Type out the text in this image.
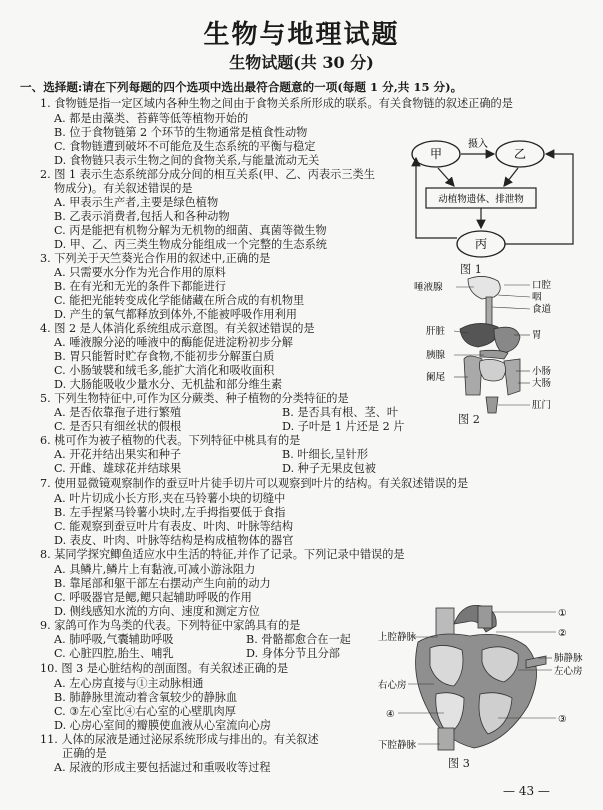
生物与地理试题
生物试题(共 30 分)
一、选择题:请在下列每题的四个选项中选出最符合题意的一项(每题 1 分,共 15 分)。
1. 食物链是指一定区域内各种生物之间由于食物关系所形成的联系。有关食物链的叙述正确的是
A. 都是由藻类、苔藓等低等植物开始的
B. 位于食物链第 2 个环节的生物通常是植食性动物
C. 食物链遭到破坏不可能危及生态系统的平衡与稳定
D. 食物链只表示生物之间的食物关系,与能量流动无关
2. 图 1 表示生态系统部分成分间的相互关系(甲、乙、丙表示三类生
物成分)。有关叙述错误的是
A. 甲表示生产者,主要是绿色植物
B. 乙表示消费者,包括人和各种动物
C. 丙是能把有机物分解为无机物的细菌、真菌等微生物
D. 甲、乙、丙三类生物成分能组成一个完整的生态系统
3. 下列关于天竺葵光合作用的叙述中,正确的是
A. 只需要水分作为光合作用的原料
B. 在有光和无光的条件下都能进行
C. 能把光能转变成化学能储藏在所合成的有机物里
D. 产生的氧气都释放到体外,不能被呼吸作用利用
4. 图 2 是人体消化系统组成示意图。有关叙述错误的是
A. 唾液腺分泌的唾液中的酶能促进淀粉初步分解
B. 胃只能暂时贮存食物,不能初步分解蛋白质
C. 小肠皱襞和绒毛多,能扩大消化和吸收面积
D. 大肠能吸收少量水分、无机盐和部分维生素
5. 下列生物特征中,可作为区分蕨类、种子植物的分类特征的是
A. 是否依靠孢子进行繁殖	B. 是否具有根、茎、叶
C. 是否只有细丝状的假根	D. 子叶是 1 片还是 2 片
6. 桃可作为被子植物的代表。下列特征中桃具有的是
A. 开花并结出果实和种子	B. 叶细长,呈针形
C. 开雌、雄球花并结球果	D. 种子无果皮包被
7. 使用显微镜观察制作的蚕豆叶片徒手切片可以观察到叶片的结构。有关叙述错误的是
A. 叶片切成小长方形,夹在马铃薯小块的切缝中
B. 左手捏紧马铃薯小块时,左手拇指要低于食指
C. 能观察到蚕豆叶片有表皮、叶肉、叶脉等结构
D. 表皮、叶肉、叶脉等结构是构成植物体的器官
8. 某同学探究鲫鱼适应水中生活的特征,并作了记录。下列记录中错误的是
A. 具鳞片,鳞片上有黏液,可减小游泳阻力
B. 靠尾部和躯干部左右摆动产生向前的动力
C. 呼吸器官是鳃,鳃只起辅助呼吸的作用
D. 侧线感知水流的方向、速度和测定方位
9. 家鸽可作为鸟类的代表。下列特征中家鸽具有的是
A. 肺呼吸,气囊辅助呼吸	B. 骨骼都愈合在一起
C. 心脏四腔,胎生、哺乳	D. 身体分节且分部
10. 图 3 是心脏结构的剖面图。有关叙述正确的是
A. 左心房直接与①主动脉相通
B. 肺静脉里流动着含氧较少的静脉血
C. ③左心室比④右心室的心壁肌肉厚
D. 心房心室间的瓣膜使血液从心室流向心房
11. 人体的尿液是通过泌尿系统形成与排出的。有关叙述
正确的是
A. 尿液的形成主要包括滤过和重吸收等过程
甲	乙
摄入
动植物遗体、排泄物
丙
图 1
唾液腺	口腔
咽
食道
肝脏	胃
胰腺
小肠
阑尾
大肠
肛门
图 2
①
②
上腔静脉
肺静脉
左心房
右心房
④	③
下腔静脉
图 3
— 43 —
